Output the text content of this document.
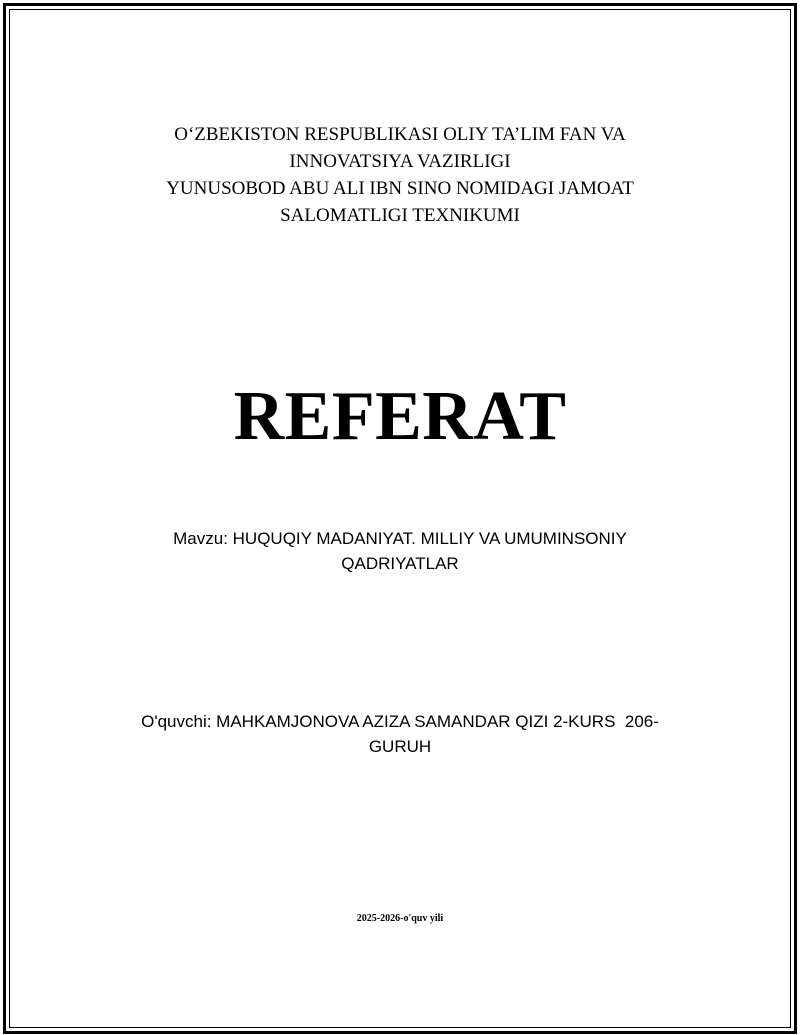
O‘ZBEKISTON RESPUBLIKASI OLIY TA’LIM FAN VA
INNOVATSIYA VAZIRLIGI
YUNUSOBOD ABU ALI IBN SINO NOMIDAGI JAMOAT
SALOMATLIGI TEXNIKUMI
REFERAT
Mavzu: HUQUQIY MADANIYAT. MILLIY VA UMUMINSONIY
QADRIYATLAR
O'quvchi: MAHKAMJONOVA AZIZA SAMANDAR QIZI 2-KURS  206-
GURUH
2025-2026-o'quv yili
